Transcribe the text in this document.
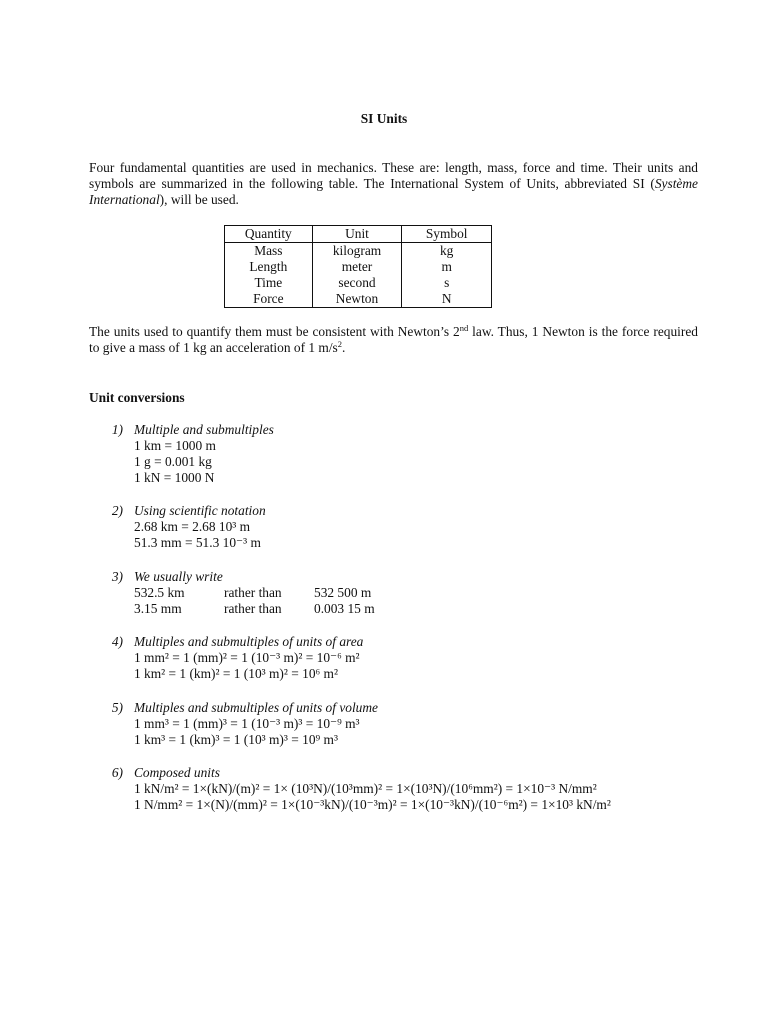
SI Units

Four fundamental quantities are used in mechanics. These are: length, mass, force and time. Their units and symbols are summarized in the following table. The International System of Units, abbreviated SI (Système International), will be used.

Quantity	Unit	Symbol
Mass	kilogram	kg
Length	meter	m
Time	second	s
Force	Newton	N

The units used to quantify them must be consistent with Newton’s 2nd law. Thus, 1 Newton is the force required to give a mass of 1 kg an acceleration of 1 $m/s^2$.

Unit conversions
1) Multiple and submultiples
1 km = 1000 m
1 g = 0.001 kg
1 kN = 1000 N
2) Using scientific notation
2.68 km = 2.68 10³ m
51.3 mm = 51.3 10⁻³ m
3) We usually write
532.5 km	rather than 532 500 m
3.15 mm	rather than 0.003 15 m
4) Multiples and submultiples of units of area
1 mm² = 1 (mm)² = 1 (10⁻³ m)² = 10⁻⁶ m²
1 km² = 1 (km)² = 1 (10³ m)² = 10⁶ m²
5) Multiples and submultiples of units of volume
1 mm³ = 1 (mm)³ = 1 (10⁻³ m)³ = 10⁻⁹ m³
1 km³ = 1 (km)³ = 1 (10³ m)³ = 10⁹ m³
6) Composed units
1 kN/m² = 1×(kN)/(m)² = 1× (10³N)/(10³mm)² = 1×(10³N)/(10⁶mm²) = 1×10⁻³ N/mm²
1 N/mm² = 1×(N)/(mm)² = 1×(10⁻³kN)/(10⁻³m)² = 1×(10⁻³kN)/(10⁻⁶m²) = 1×10³ kN/m²
